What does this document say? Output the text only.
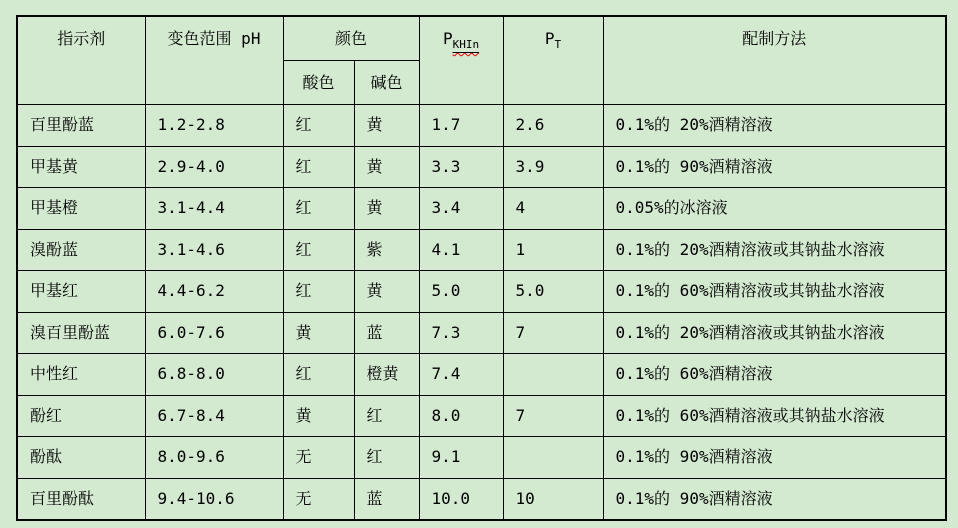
指示剂	变色范围 pH	颜色		$P_{KHIn}$	$P_T$	配制方法
		酸色	碱色			
百里酚蓝	1.2-2.8	红	黄	1.7	2.6	0.1%的 20%酒精溶液
甲基黄	2.9-4.0	红	黄	3.3	3.9	0.1%的 90%酒精溶液
甲基橙	3.1-4.4	红	黄	3.4	4	0.05%的冰溶液
溴酚蓝	3.1-4.6	红	紫	4.1	1	0.1%的 20%酒精溶液或其钠盐水溶液
甲基红	4.4-6.2	红	黄	5.0	5.0	0.1%的 60%酒精溶液或其钠盐水溶液
溴百里酚蓝	6.0-7.6	黄	蓝	7.3	7	0.1%的 20%酒精溶液或其钠盐水溶液
中性红	6.8-8.0	红	橙黄	7.4		0.1%的 60%酒精溶液
酚红	6.7-8.4	黄	红	8.0	7	0.1%的 60%酒精溶液或其钠盐水溶液
酚酞	8.0-9.6	无	红	9.1		0.1%的 90%酒精溶液
百里酚酞	9.4-10.6	无	蓝	10.0	10	0.1%的 90%酒精溶液
